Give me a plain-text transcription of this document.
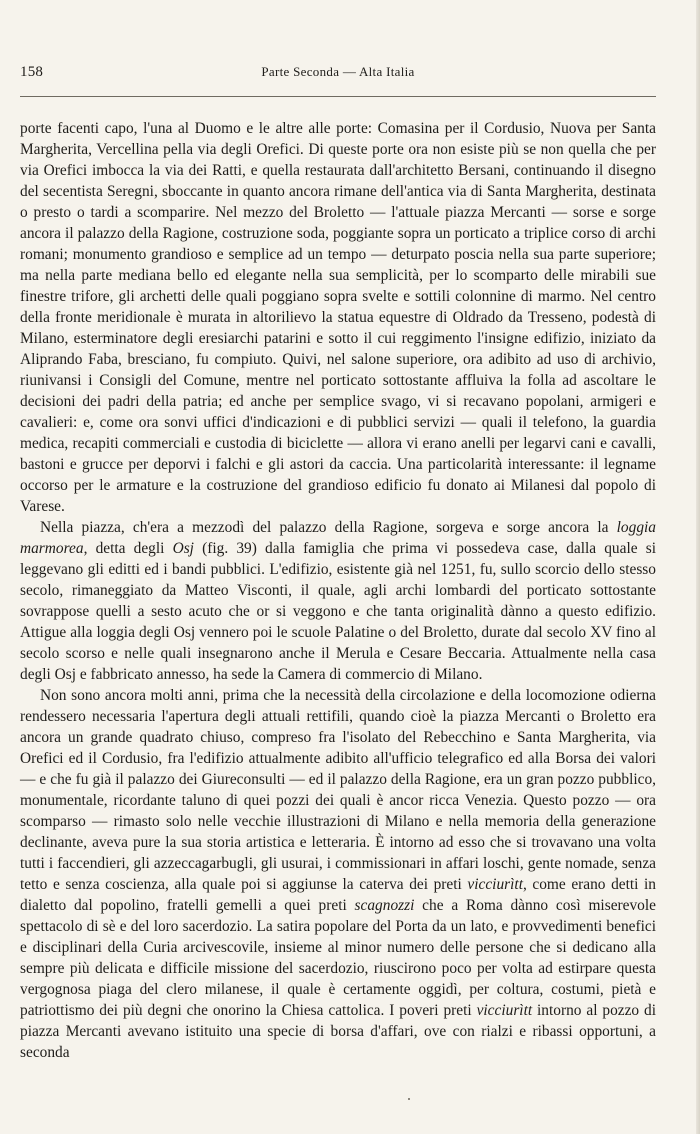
158	Parte Seconda — Alta Italia

porte facenti capo, l'una al Duomo e le altre alle porte: Comasina per il Cordusio, Nuova per Santa Margherita, Vercellina pella via degli Orefici. Di queste porte ora non esiste più se non quella che per via Orefici imbocca la via dei Ratti, e quella restaurata dall'architetto Bersani, continuando il disegno del secentista Seregni, sboccante in quanto ancora rimane dell'antica via di Santa Margherita, destinata o presto o tardi a scomparire. Nel mezzo del Broletto — l'attuale piazza Mercanti — sorse e sorge ancora il palazzo della Ragione, costruzione soda, poggiante sopra un porticato a triplice corso di archi romani; monumento grandioso e semplice ad un tempo — deturpato poscia nella sua parte superiore; ma nella parte mediana bello ed elegante nella sua semplicità, per lo scomparto delle mirabili sue finestre trifore, gli archetti delle quali poggiano sopra svelte e sottili colonnine di marmo. Nel centro della fronte meridionale è murata in altorilievo la statua equestre di Oldrado da Tresseno, podestà di Milano, esterminatore degli eresiarchi patarini e sotto il cui reggimento l'insigne edifizio, iniziato da Aliprando Faba, bresciano, fu compiuto. Quivi, nel salone superiore, ora adibito ad uso di archivio, riunivansi i Consigli del Comune, mentre nel porticato sottostante affluiva la folla ad ascoltare le decisioni dei padri della patria; ed anche per semplice svago, vi si recavano popolani, armigeri e cavalieri: e, come ora sonvi uffici d'indicazioni e di pubblici servizi — quali il telefono, la guardia medica, recapiti commerciali e custodia di biciclette — allora vi erano anelli per legarvi cani e cavalli, bastoni e grucce per deporvi i falchi e gli astori da caccia. Una particolarità interessante: il legname occorso per le armature e la costruzione del grandioso edificio fu donato ai Milanesi dal popolo di Varese.

Nella piazza, ch'era a mezzodì del palazzo della Ragione, sorgeva e sorge ancora la loggia marmorea, detta degli Osj (fig. 39) dalla famiglia che prima vi possedeva case, dalla quale si leggevano gli editti ed i bandi pubblici. L'edifizio, esistente già nel 1251, fu, sullo scorcio dello stesso secolo, rimaneggiato da Matteo Visconti, il quale, agli archi lombardi del porticato sottostante sovrappose quelli a sesto acuto che or si veggono e che tanta originalità dànno a questo edifizio. Attigue alla loggia degli Osj vennero poi le scuole Palatine o del Broletto, durate dal secolo XV fino al secolo scorso e nelle quali insegnarono anche il Merula e Cesare Beccaria. Attualmente nella casa degli Osj e fabbricato annesso, ha sede la Camera di commercio di Milano.

Non sono ancora molti anni, prima che la necessità della circolazione e della locomozione odierna rendessero necessaria l'apertura degli attuali rettifili, quando cioè la piazza Mercanti o Broletto era ancora un grande quadrato chiuso, compreso fra l'isolato del Rebecchino e Santa Margherita, via Orefici ed il Cordusio, fra l'edifizio attualmente adibito all'ufficio telegrafico ed alla Borsa dei valori — e che fu già il palazzo dei Giureconsulti — ed il palazzo della Ragione, era un gran pozzo pubblico, monumentale, ricordante taluno di quei pozzi dei quali è ancor ricca Venezia. Questo pozzo — ora scomparso — rimasto solo nelle vecchie illustrazioni di Milano e nella memoria della generazione declinante, aveva pure la sua storia artistica e letteraria. È intorno ad esso che si trovavano una volta tutti i faccendieri, gli azzeccagarbugli, gli usurai, i commissionari in affari loschi, gente nomade, senza tetto e senza coscienza, alla quale poi si aggiunse la caterva dei preti vicciurìtt, come erano detti in dialetto dal popolino, fratelli gemelli a quei preti scagnozzi che a Roma dànno così miserevole spettacolo di sè e del loro sacerdozio. La satira popolare del Porta da un lato, e provvedimenti benefici e disciplinari della Curia arcivescovile, insieme al minor numero delle persone che si dedicano alla sempre più delicata e difficile missione del sacerdozio, riuscirono poco per volta ad estirpare questa vergognosa piaga del clero milanese, il quale è certamente oggidì, per coltura, costumi, pietà e patriottismo dei più degni che onorino la Chiesa cattolica. I poveri preti vicciurìtt intorno al pozzo di piazza Mercanti avevano istituito una specie di borsa d'affari, ove con rialzi e ribassi opportuni, a seconda
